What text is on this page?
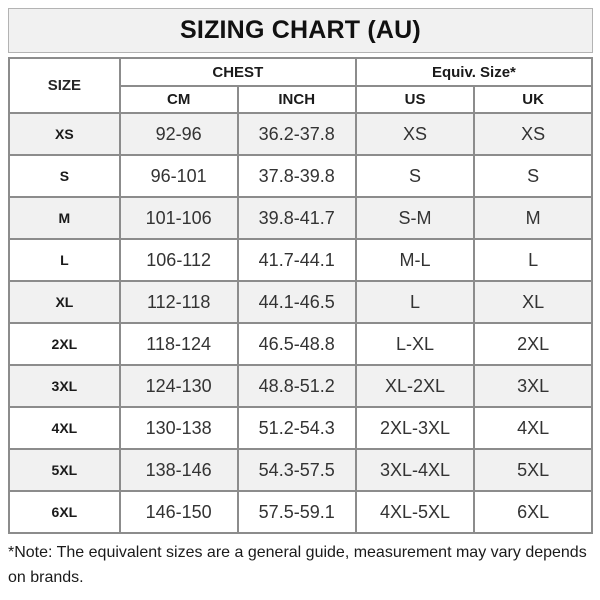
SIZING CHART (AU)
SIZE	CHEST		Equiv. Size*	
	CM	INCH	US	UK
XS	92-96	36.2-37.8	XS	XS
S	96-101	37.8-39.8	S	S
M	101-106	39.8-41.7	S-M	M
L	106-112	41.7-44.1	M-L	L
XL	112-118	44.1-46.5	L	XL
2XL	118-124	46.5-48.8	L-XL	2XL
3XL	124-130	48.8-51.2	XL-2XL	3XL
4XL	130-138	51.2-54.3	2XL-3XL	4XL
5XL	138-146	54.3-57.5	3XL-4XL	5XL
6XL	146-150	57.5-59.1	4XL-5XL	6XL

*Note: The equivalent sizes are a general guide, measurement may vary depends on brands.
